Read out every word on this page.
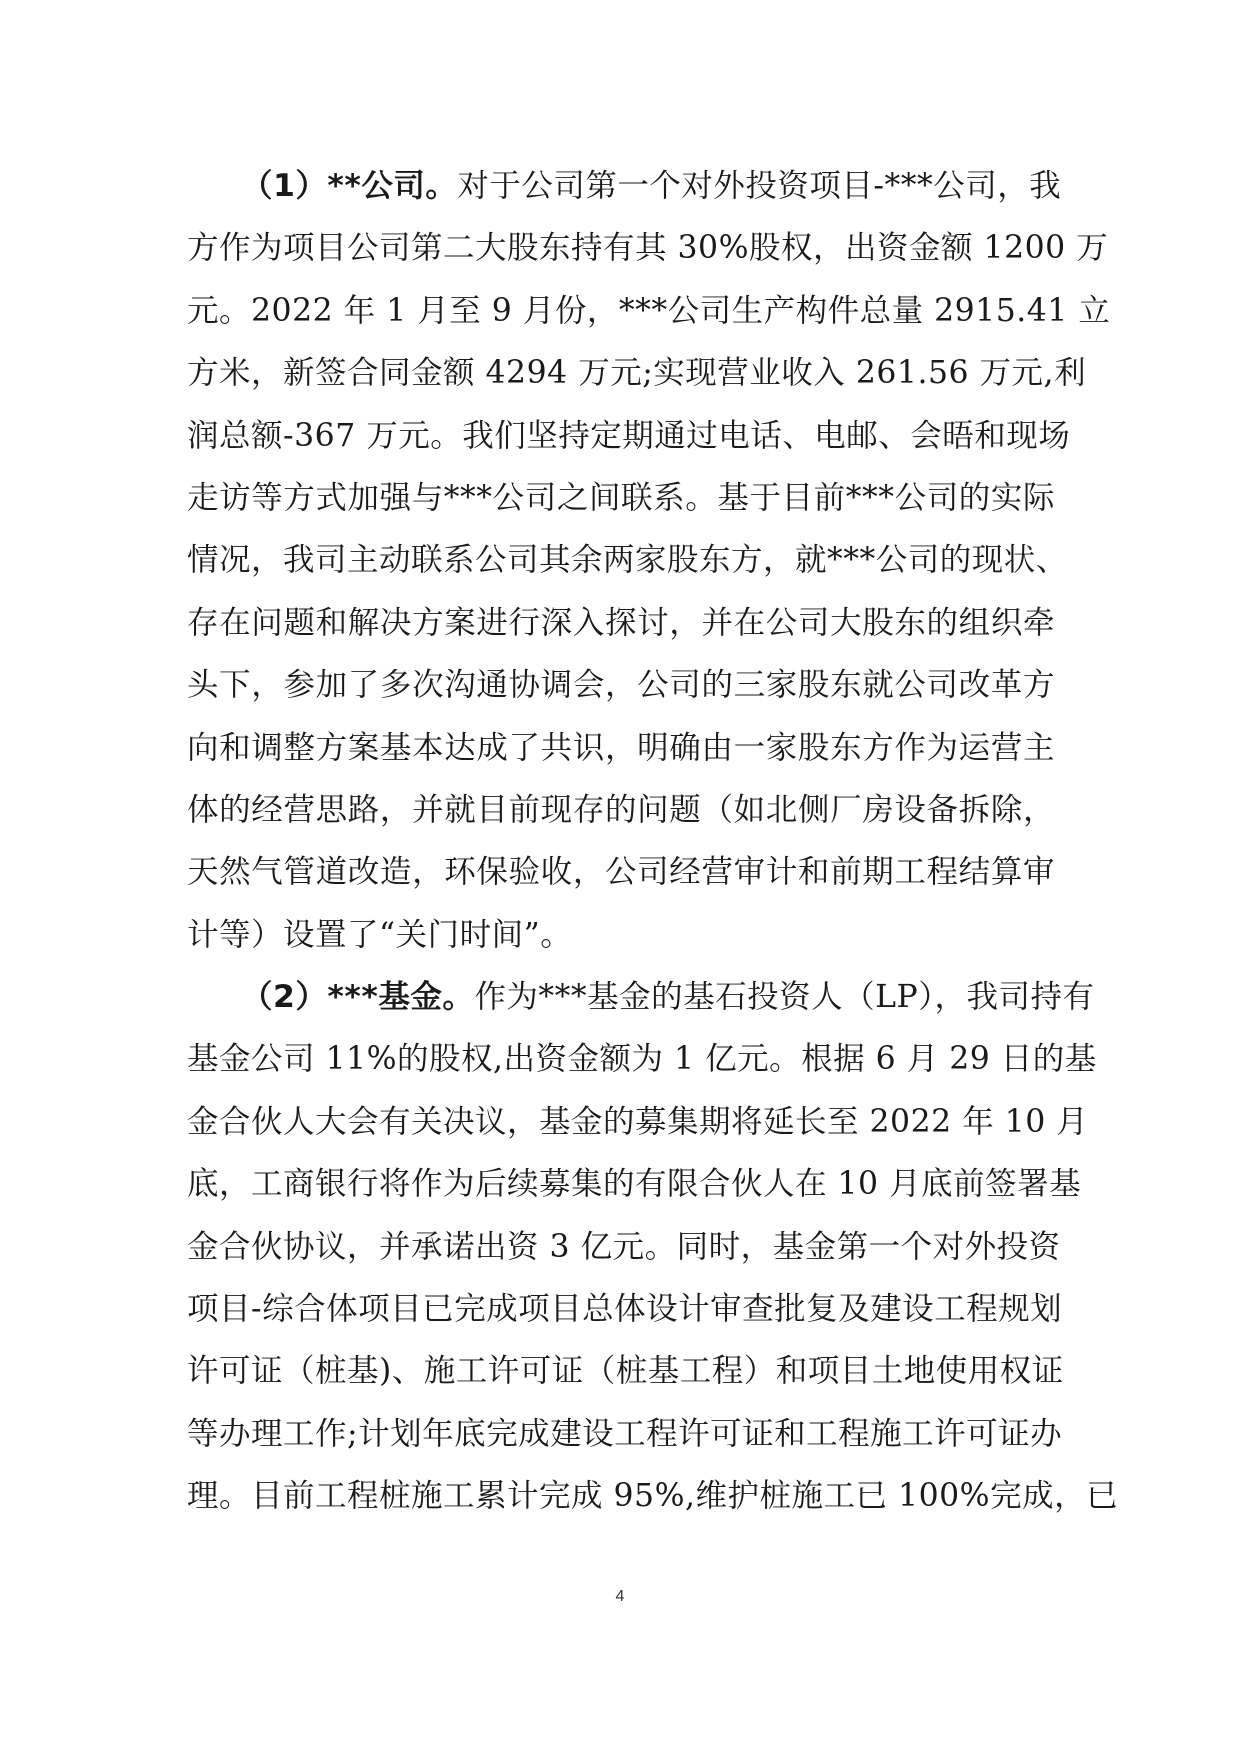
（1）**公司。对于公司第一个对外投资项目-***公司，我
方作为项目公司第二大股东持有其 30%股权，出资金额 1200 万
元。2022 年 1 月至 9 月份，***公司生产构件总量 2915.41 立
方米，新签合同金额 4294 万元;实现营业收入 261.56 万元,利
润总额-367 万元。我们坚持定期通过电话、电邮、会晤和现场
走访等方式加强与***公司之间联系。基于目前***公司的实际
情况，我司主动联系公司其余两家股东方，就***公司的现状、
存在问题和解决方案进行深入探讨，并在公司大股东的组织牵
头下，参加了多次沟通协调会，公司的三家股东就公司改革方
向和调整方案基本达成了共识，明确由一家股东方作为运营主
体的经营思路，并就目前现存的问题（如北侧厂房设备拆除，
天然气管道改造，环保验收，公司经营审计和前期工程结算审
计等）设置了“关门时间”。
（2）***基金。作为***基金的基石投资人（LP），我司持有
基金公司 11%的股权,出资金额为 1 亿元。根据 6 月 29 日的基
金合伙人大会有关决议，基金的募集期将延长至 2022 年 10 月
底，工商银行将作为后续募集的有限合伙人在 10 月底前签署基
金合伙协议，并承诺出资 3 亿元。同时，基金第一个对外投资
项目-综合体项目已完成项目总体设计审查批复及建设工程规划
许可证（桩基)、施工许可证（桩基工程）和项目土地使用权证
等办理工作;计划年底完成建设工程许可证和工程施工许可证办
理。目前工程桩施工累计完成 95%,维护桩施工已 100%完成，已
4
